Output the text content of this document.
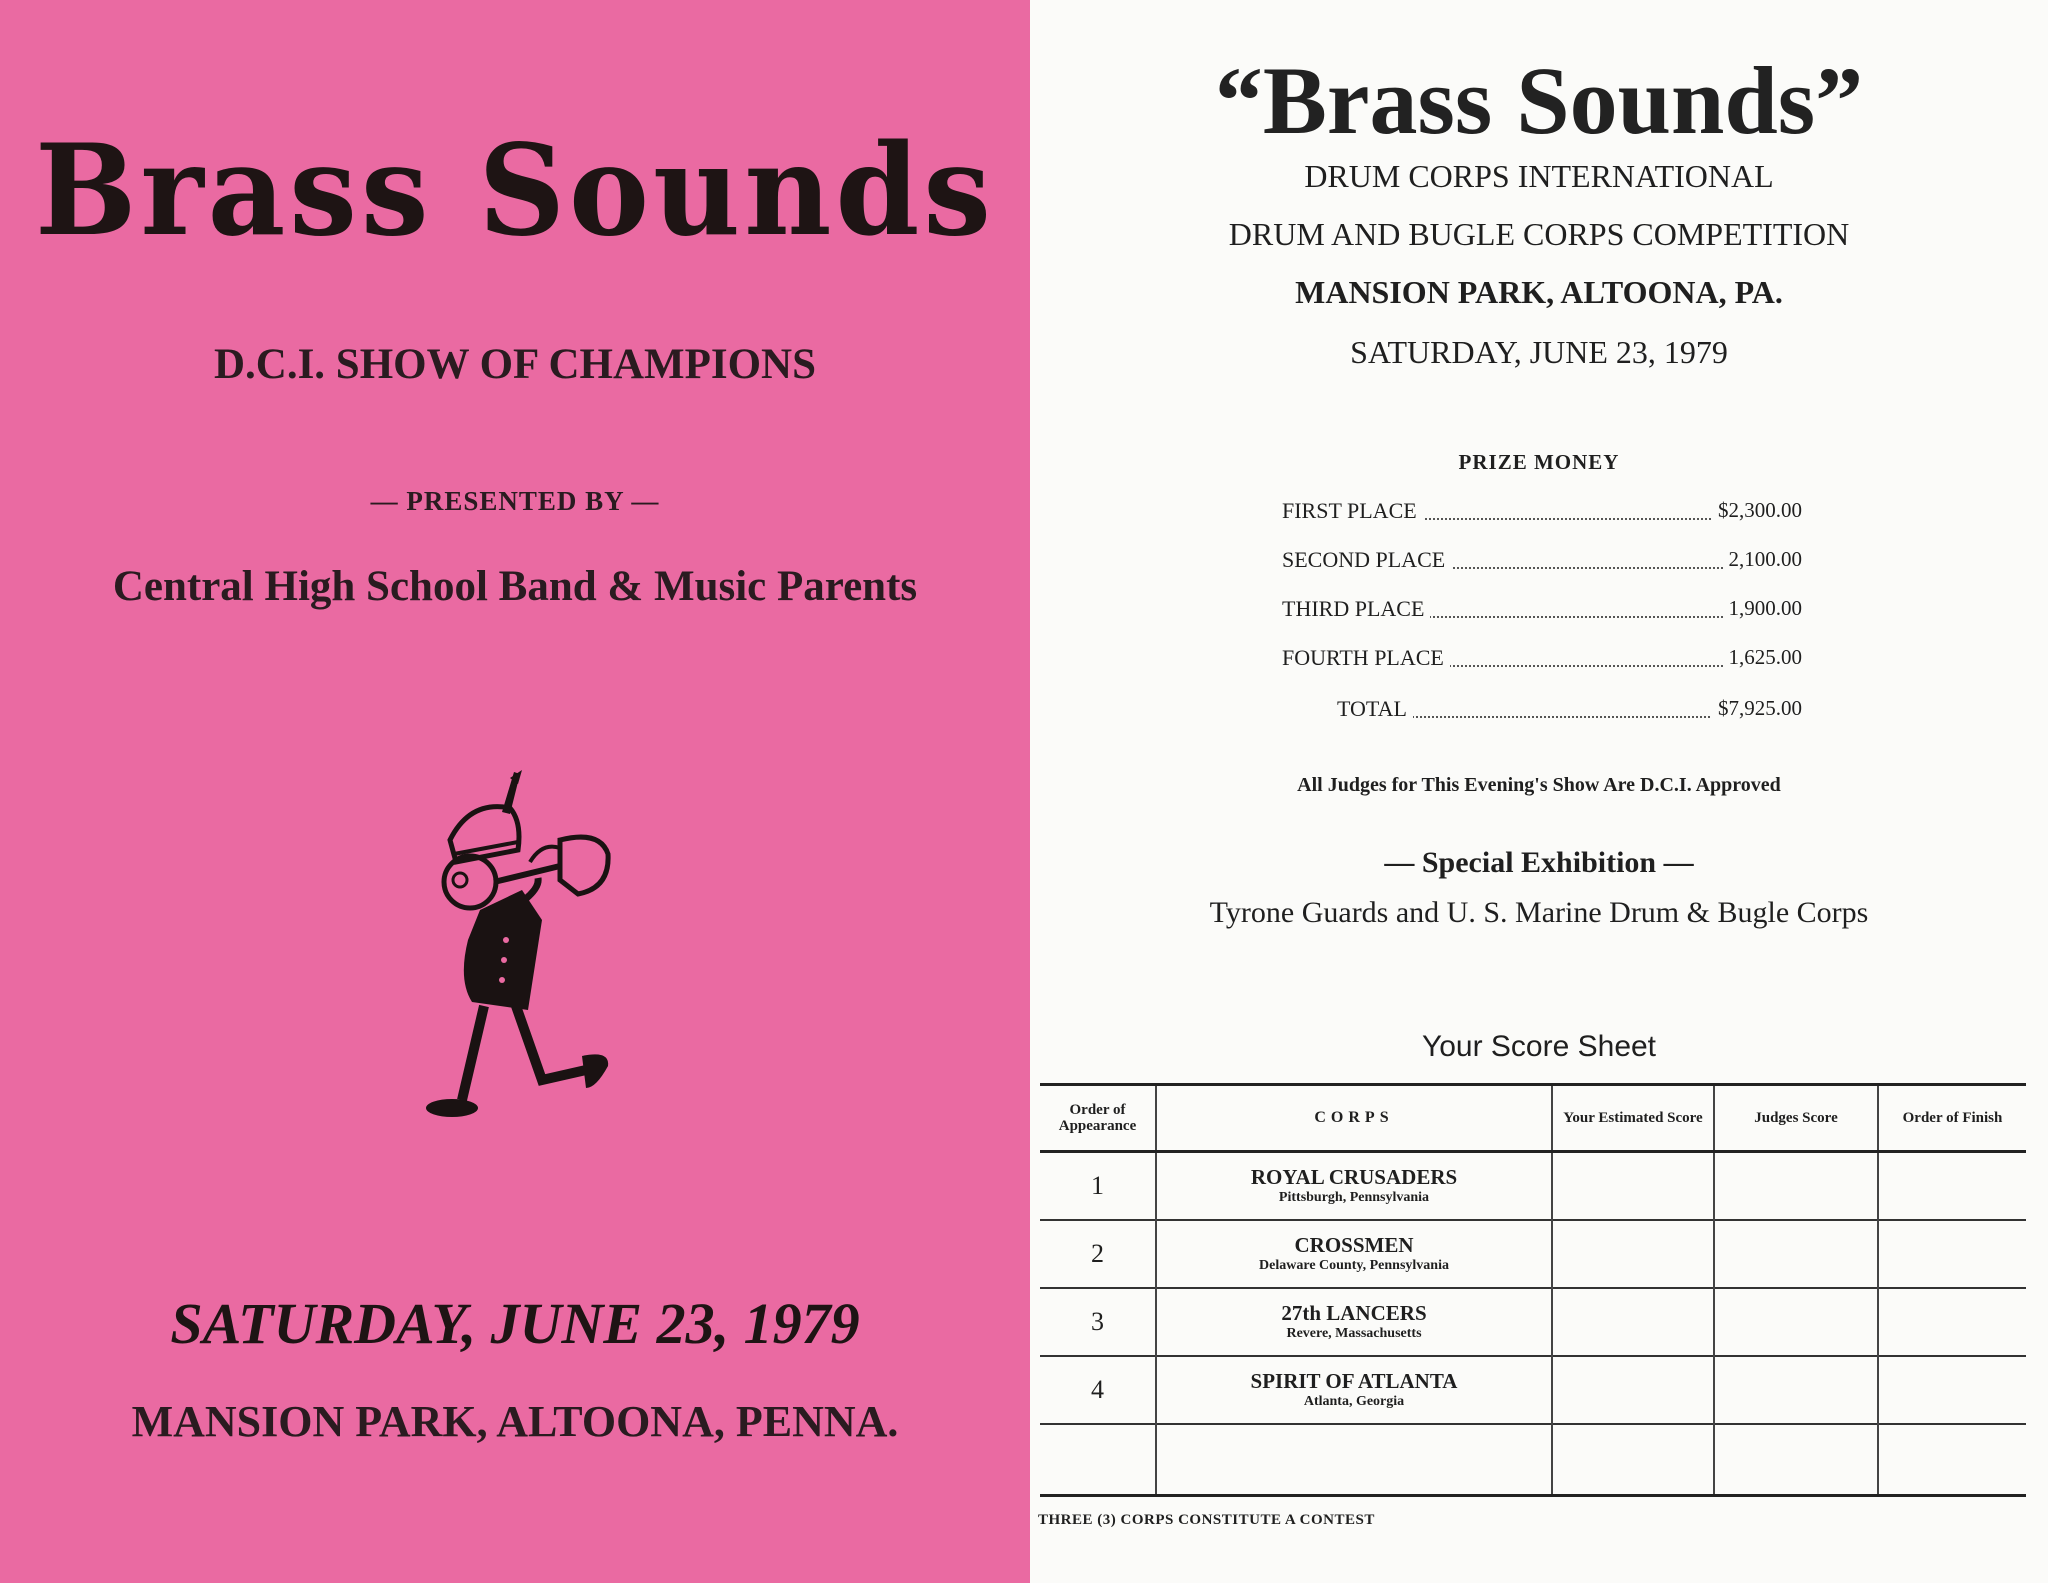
Brass Sounds
D.C.I. SHOW OF CHAMPIONS
— PRESENTED BY —
Central High School Band & Music Parents
SATURDAY, JUNE 23, 1979
MANSION PARK, ALTOONA, PENNA.
“Brass Sounds”
DRUM CORPS INTERNATIONAL
DRUM AND BUGLE CORPS COMPETITION
MANSION PARK, ALTOONA, PA.
SATURDAY, JUNE 23, 1979
PRIZE MONEY
FIRST PLACE	$2,300.00
SECOND PLACE	2,100.00
THIRD PLACE	1,900.00
FOURTH PLACE	1,625.00
TOTAL	$7,925.00
All Judges for This Evening's Show Are D.C.I. Approved
— Special Exhibition —
Tyrone Guards and U. S. Marine Drum & Bugle Corps
Your Score Sheet
Order of Appearance	CORPS	Your Estimated Score	Judges Score	Order of Finish
1	ROYAL CRUSADERS
Pittsburgh, Pennsylvania			

2	CROSSMEN
Delaware County, Pennsylvania			

3	27th LANCERS
Revere, Massachusetts			

4	SPIRIT OF ATLANTA
Atlanta, Georgia			

THREE (3) CORPS CONSTITUTE A CONTEST
